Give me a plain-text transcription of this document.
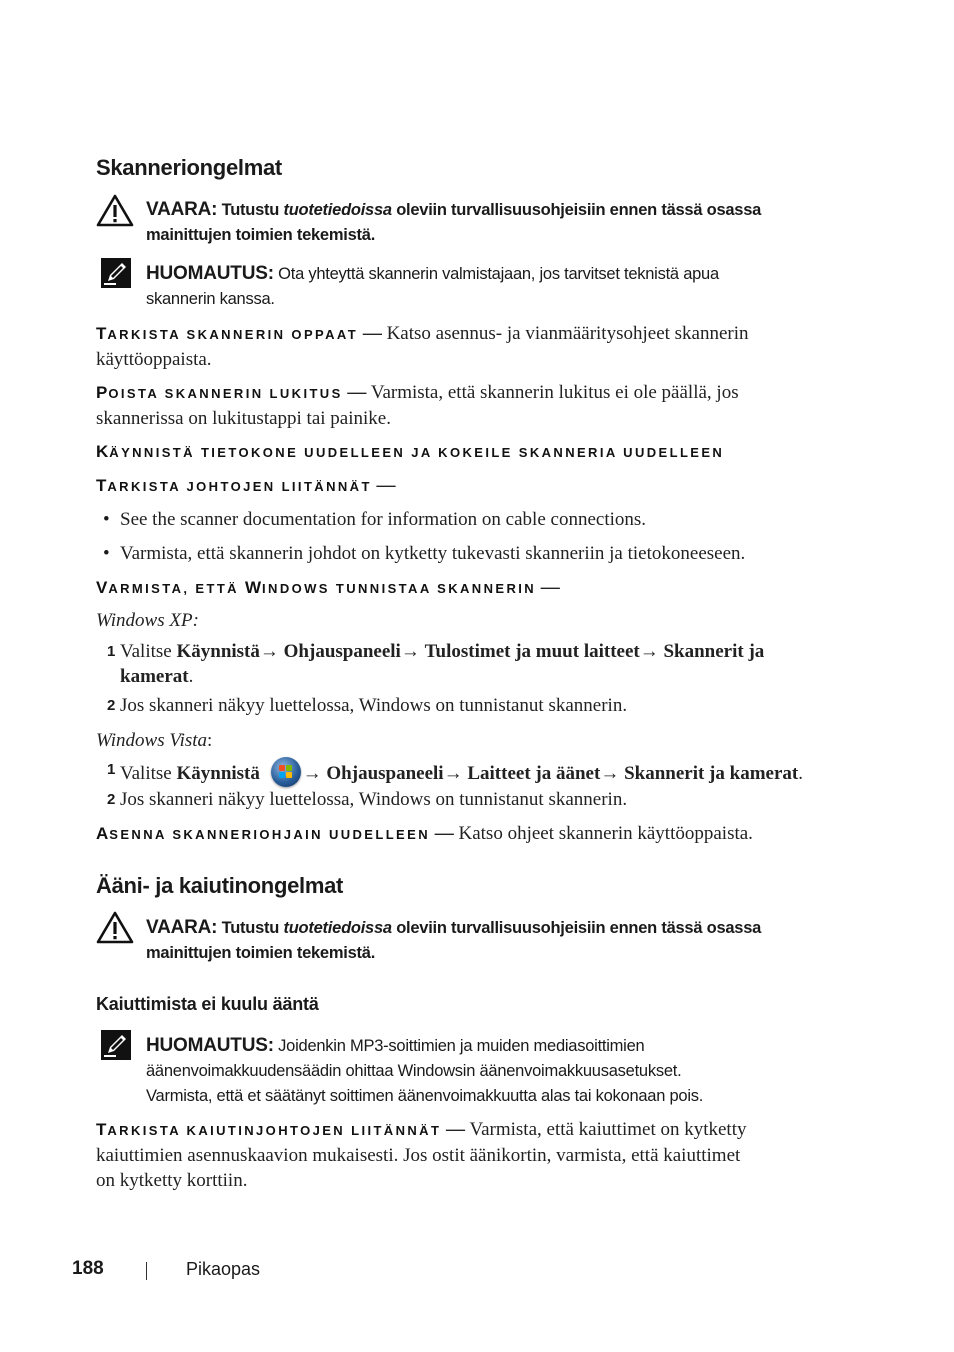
Skanneriongelmat
VAARA: Tutustu tuotetiedoissa oleviin turvallisuusohjeisiin ennen tässä osassa
mainittujen toimien tekemistä.
HUOMAUTUS: Ota yhteyttä skannerin valmistajaan, jos tarvitset teknistä apua
skannerin kanssa.
TARKISTA SKANNERIN OPPAAT — Katso asennus- ja vianmääritysohjeet skannerin
käyttöoppaista.
POISTA SKANNERIN LUKITUS — Varmista, että skannerin lukitus ei ole päällä, jos
skannerissa on lukitustappi tai painike.
KÄYNNISTÄ TIETOKONE UUDELLEEN JA KOKEILE SKANNERIA UUDELLEEN
TARKISTA JOHTOJEN LIITÄNNÄT —
• See the scanner documentation for information on cable connections.
• Varmista, että skannerin johdot on kytketty tukevasti skanneriin ja tietokoneeseen.
VARMISTA, ETTÄ WINDOWS TUNNISTAA SKANNERIN —
Windows XP:
1 Valitse Käynnistä→ Ohjauspaneeli→ Tulostimet ja muut laitteet→ Skannerit ja
kamerat.
2 Jos skanneri näkyy luettelossa, Windows on tunnistanut skannerin.
Windows Vista:
1 Valitse Käynnistä → Ohjauspaneeli→ Laitteet ja äänet→ Skannerit ja kamerat.
2 Jos skanneri näkyy luettelossa, Windows on tunnistanut skannerin.
ASENNA SKANNERIOHJAIN UUDELLEEN — Katso ohjeet skannerin käyttöoppaista.
Ääni- ja kaiutinongelmat
VAARA: Tutustu tuotetiedoissa oleviin turvallisuusohjeisiin ennen tässä osassa
mainittujen toimien tekemistä.
Kaiuttimista ei kuulu ääntä
HUOMAUTUS: Joidenkin MP3-soittimien ja muiden mediasoittimien
äänenvoimakkuudensäädin ohittaa Windowsin äänenvoimakkuusasetukset.
Varmista, että et säätänyt soittimen äänenvoimakkuutta alas tai kokonaan pois.
TARKISTA KAIUTINJOHTOJEN LIITÄNNÄT — Varmista, että kaiuttimet on kytketty
kaiuttimien asennuskaavion mukaisesti. Jos ostit äänikortin, varmista, että kaiuttimet
on kytketty korttiin.
188	Pikaopas
